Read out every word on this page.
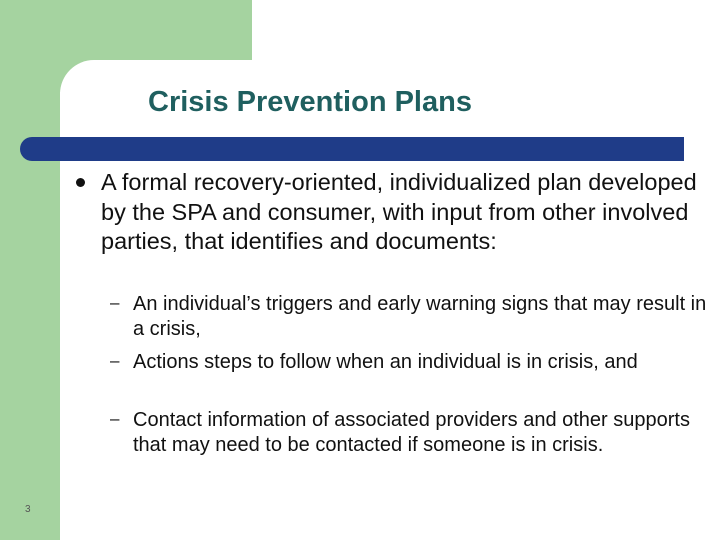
Crisis Prevention Plans

A formal recovery-oriented, individualized plan developed by the SPA and consumer, with input from other involved parties, that identifies and documents:

– An individual’s triggers and early warning signs that may result in a crisis,

– Actions steps to follow when an individual is in crisis, and

– Contact information of associated providers and other supports that may need to be contacted if someone is in crisis.

3
